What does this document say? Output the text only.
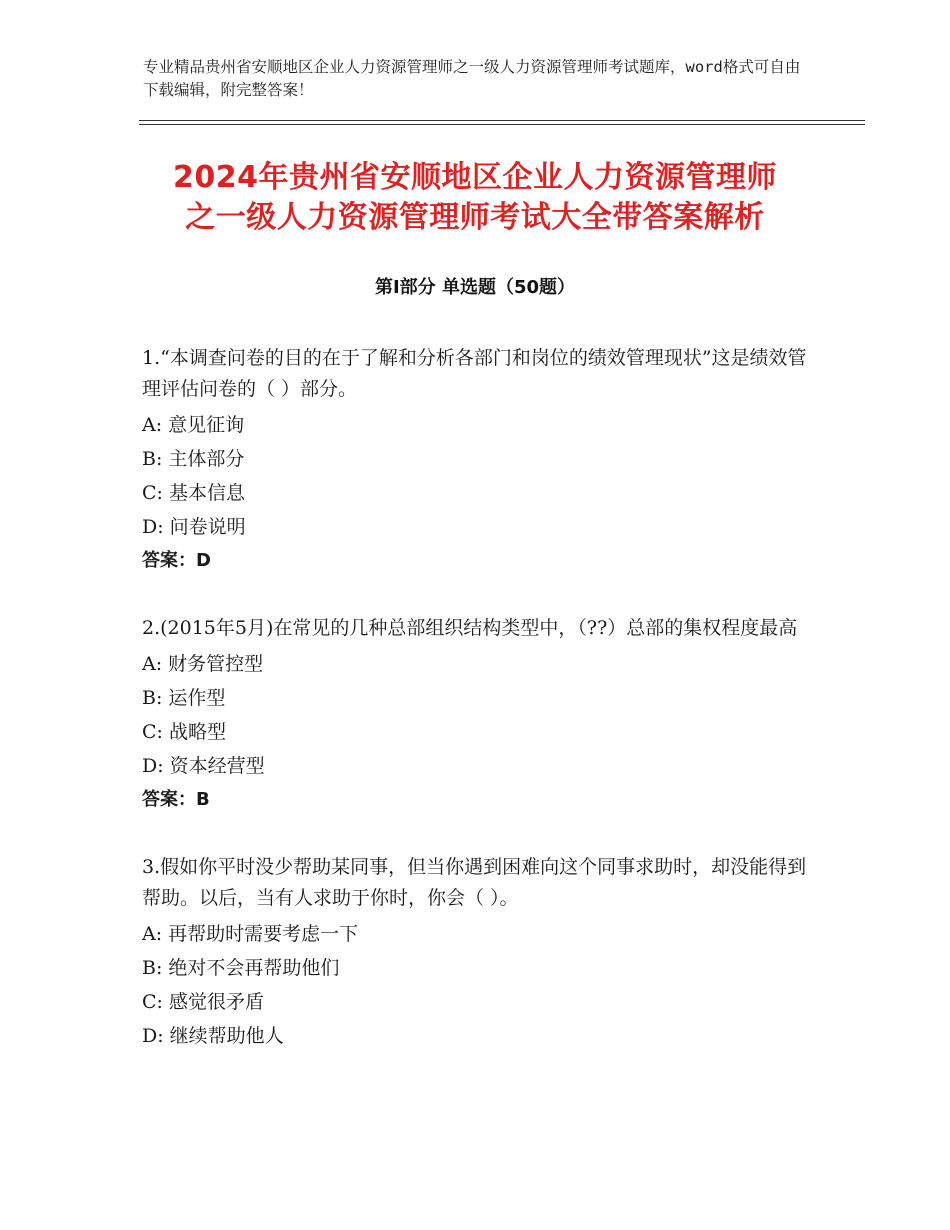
专业精品贵州省安顺地区企业人力资源管理师之一级人力资源管理师考试题库，word格式可自由下载编辑，附完整答案！
2024年贵州省安顺地区企业人力资源管理师
之一级人力资源管理师考试大全带答案解析
第Ⅰ部分 单选题（50题）
1.“本调查问卷的目的在于了解和分析各部门和岗位的绩效管理现状”这是绩效管理评估问卷的（ ）部分。
A: 意见征询
B: 主体部分
C: 基本信息
D: 问卷说明
答案：D
2.(2015年5月)在常见的几种总部组织结构类型中，（??）总部的集权程度最高
A: 财务管控型
B: 运作型
C: 战略型
D: 资本经营型
答案：B
3.假如你平时没少帮助某同事，但当你遇到困难向这个同事求助时，却没能得到帮助。以后，当有人求助于你时，你会（ ）。
A: 再帮助时需要考虑一下
B: 绝对不会再帮助他们
C: 感觉很矛盾
D: 继续帮助他人
